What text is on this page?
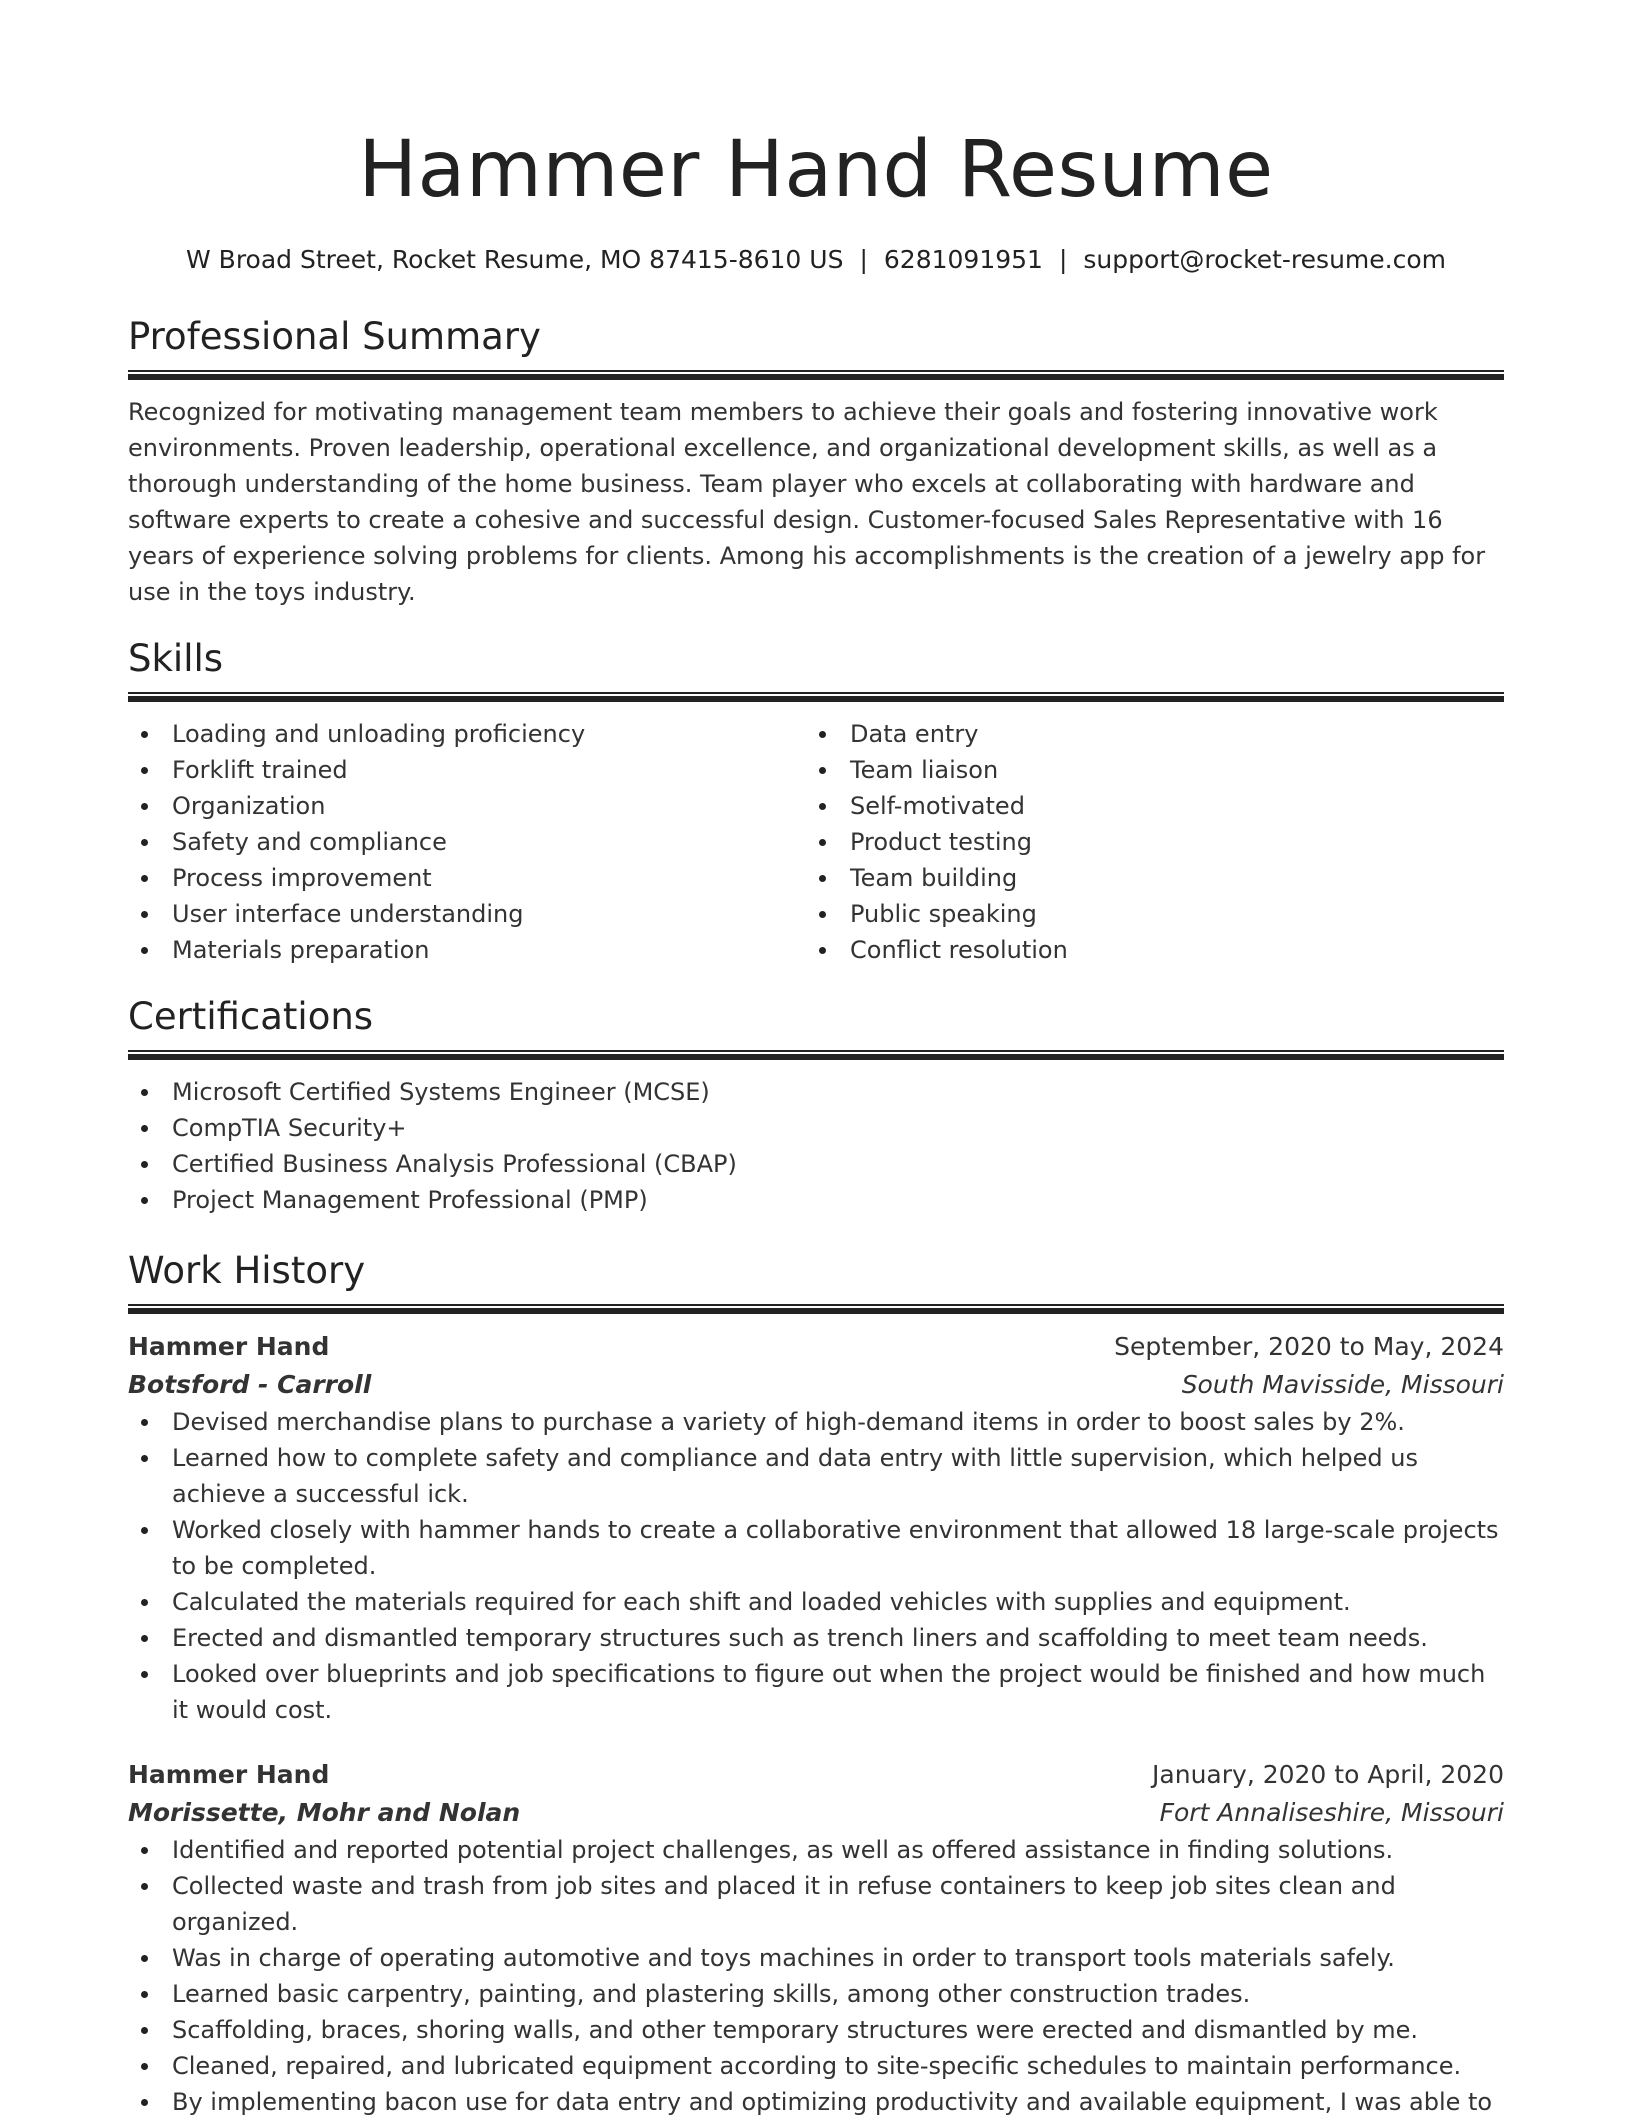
Hammer Hand Resume
W Broad Street, Rocket Resume, MO 87415-8610 US | 6281091951 | support@rocket-resume.com
Professional Summary

Recognized for motivating management team members to achieve their goals and fostering innovative work environments. Proven leadership, operational excellence, and organizational development skills, as well as a thorough understanding of the home business. Team player who excels at collaborating with hardware and software experts to create a cohesive and successful design. Customer-focused Sales Representative with 16 years of experience solving problems for clients. Among his accomplishments is the creation of a jewelry app for use in the toys industry.

Skills
Loading and unloading proficiency
Forklift trained
Organization
Safety and compliance
Process improvement
User interface understanding
Materials preparation
Data entry
Team liaison
Self-motivated
Product testing
Team building
Public speaking
Conflict resolution
Certifications
Microsoft Certified Systems Engineer (MCSE)
CompTIA Security+
Certified Business Analysis Professional (CBAP)
Project Management Professional (PMP)
Work History
Hammer Hand	September, 2020 to May, 2024
Botsford - Carroll	South Mavisside, Missouri
Devised merchandise plans to purchase a variety of high-demand items in order to boost sales by 2%.
Learned how to complete safety and compliance and data entry with little supervision, which helped us achieve a successful ick.
Worked closely with hammer hands to create a collaborative environment that allowed 18 large-scale projects to be completed.
Calculated the materials required for each shift and loaded vehicles with supplies and equipment.
Erected and dismantled temporary structures such as trench liners and scaffolding to meet team needs.
Looked over blueprints and job specifications to figure out when the project would be finished and how much it would cost.
Hammer Hand	January, 2020 to April, 2020
Morissette, Mohr and Nolan	Fort Annaliseshire, Missouri
Identified and reported potential project challenges, as well as offered assistance in finding solutions.
Collected waste and trash from job sites and placed it in refuse containers to keep job sites clean and organized.
Was in charge of operating automotive and toys machines in order to transport tools materials safely.
Learned basic carpentry, painting, and plastering skills, among other construction trades.
Scaffolding, braces, shoring walls, and other temporary structures were erected and dismantled by me.
Cleaned, repaired, and lubricated equipment according to site-specific schedules to maintain performance.
By implementing bacon use for data entry and optimizing productivity and available equipment, I was able to
